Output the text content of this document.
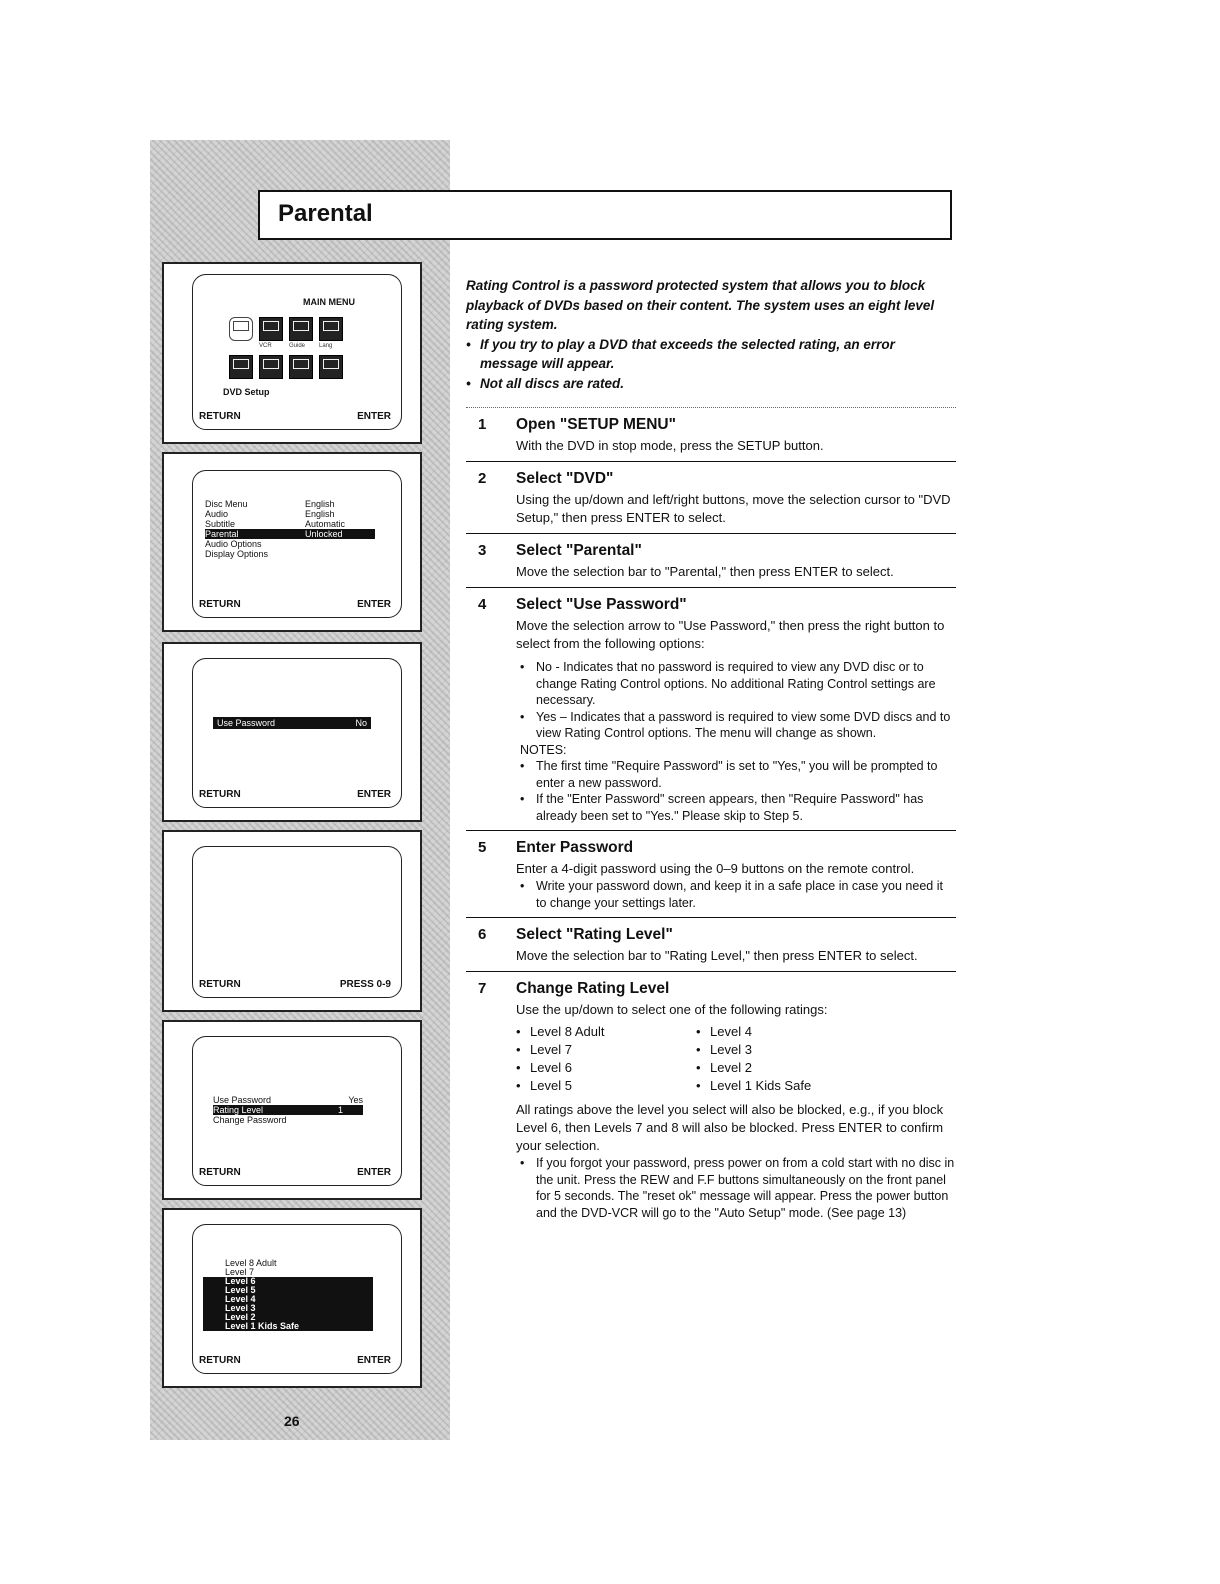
Parental
MAIN MENU
VCR	Guide Lang
DVD Setup
RETURN	ENTER
Disc Menu	English
Audio	English
Subtitle	Automatic
Parental	Unlocked
Audio Options
Display Options
RETURN	ENTER
Use Password	No
RETURN	ENTER
RETURN	PRESS 0-9
Use Password	Yes
Rating Level	1
Change Password
RETURN	ENTER
Level 8 Adult
Level 7
Level 6
Level 5
Level 4
Level 3
Level 2
Level 1 Kids Safe
RETURN	ENTER
26
Rating Control is a password protected system that allows you to block playback of DVDs based on their content. The system uses an eight level rating system.
• If you try to play a DVD that exceeds the selected rating, an error message will appear.
• Not all discs are rated.
1 Open "SETUP MENU"
With the DVD in stop mode, press the SETUP button.
2 Select "DVD"
Using the up/down and left/right buttons, move the selection cursor to "DVD Setup," then press ENTER to select.
3 Select "Parental"
Move the selection bar to "Parental," then press ENTER to select.
4 Select "Use Password"
Move the selection arrow to "Use Password," then press the right button to select from the following options:
• No - Indicates that no password is required to view any DVD disc or to change Rating Control options. No additional Rating Control settings are necessary.
• Yes – Indicates that a password is required to view some DVD discs and to view Rating Control options. The menu will change as shown.
NOTES:
• The first time "Require Password" is set to "Yes," you will be prompted to enter a new password.
• If the "Enter Password" screen appears, then "Require Password" has already been set to "Yes." Please skip to Step 5.
5 Enter Password
Enter a 4-digit password using the 0–9 buttons on the remote control.
• Write your password down, and keep it in a safe place in case you need it to change your settings later.
6 Select "Rating Level"
Move the selection bar to "Rating Level," then press ENTER to select.
7 Change Rating Level
Use the up/down to select one of the following ratings:
• Level 8 Adult	• Level 4
• Level 7	• Level 3
• Level 6	• Level 2
• Level 5	• Level 1 Kids Safe
All ratings above the level you select will also be blocked, e.g., if you block Level 6, then Levels 7 and 8 will also be blocked. Press ENTER to confirm your selection.
• If you forgot your password, press power on from a cold start with no disc in the unit. Press the REW and F.F buttons simultaneously on the front panel for 5 seconds. The "reset ok" message will appear. Press the power button and the DVD-VCR will go to the "Auto Setup" mode. (See page 13)
